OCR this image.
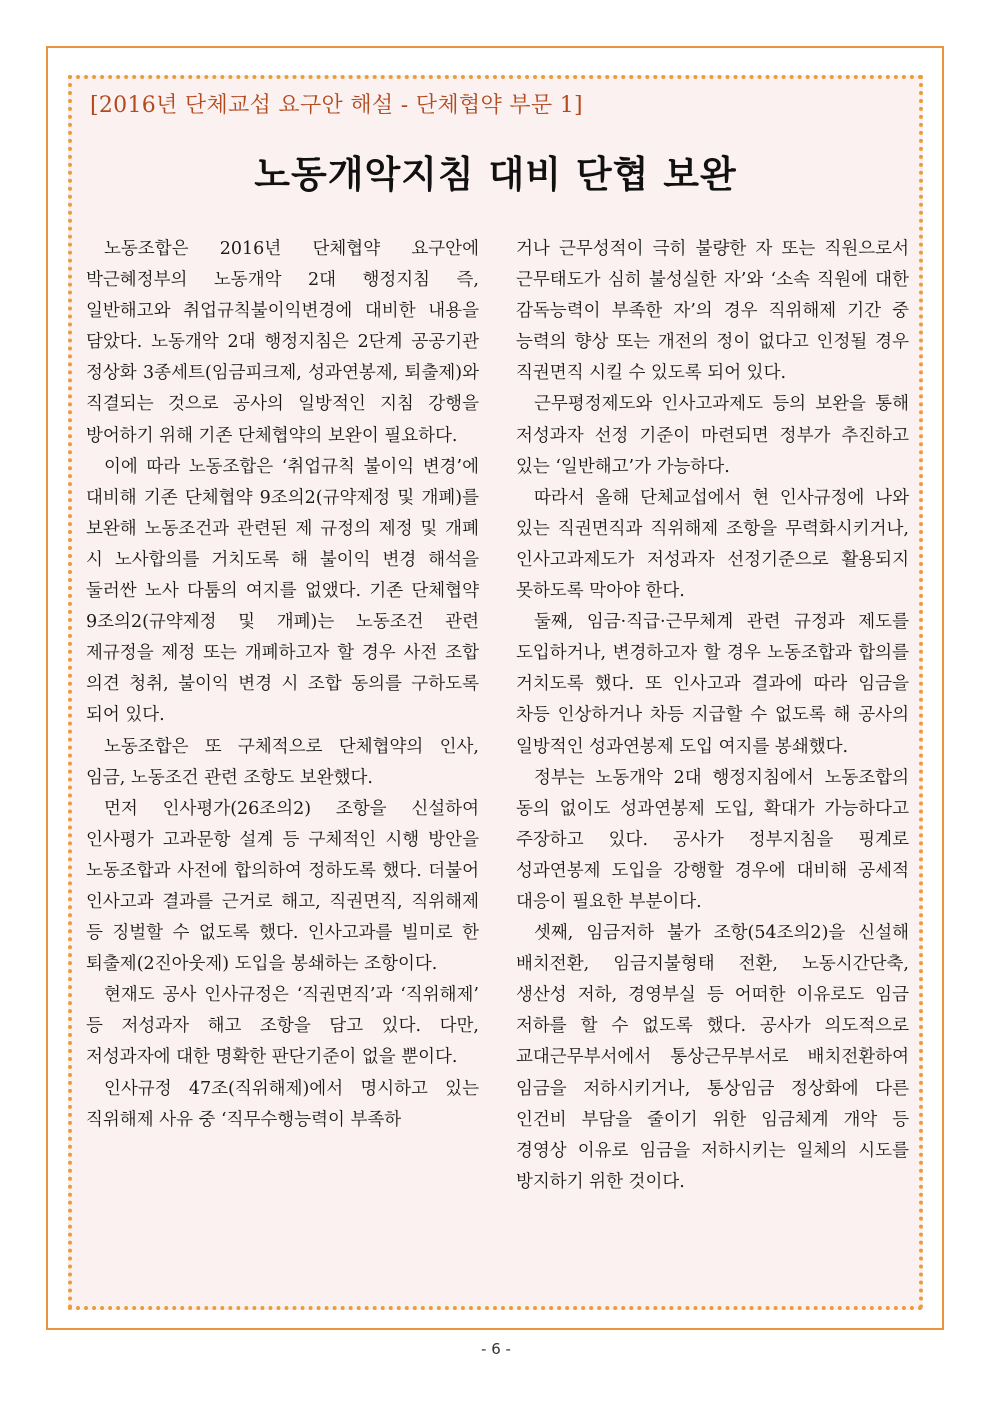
[2016년 단체교섭 요구안 해설 - 단체협약 부문 1]
노동개악지침 대비 단협 보완

노동조합은 2016년 단체협약 요구안에 박근혜정부의 노동개악 2대 행정지침 즉, 일반해고와 취업규칙불이익변경에 대비한 내용을 담았다. 노동개악 2대 행정지침은 2단계 공공기관 정상화 3종세트(임금피크제, 성과연봉제, 퇴출제)와 직결되는 것으로 공사의 일방적인 지침 강행을 방어하기 위해 기존 단체협약의 보완이 필요하다.

이에 따라 노동조합은 ‘취업규칙 불이익 변경’에 대비해 기존 단체협약 9조의2(규약제정 및 개폐)를 보완해 노동조건과 관련된 제 규정의 제정 및 개폐 시 노사합의를 거치도록 해 불이익 변경 해석을 둘러싼 노사 다툼의 여지를 없앴다. 기존 단체협약 9조의2(규약제정 및 개폐)는 노동조건 관련 제규정을 제정 또는 개폐하고자 할 경우 사전 조합 의견 청취, 불이익 변경 시 조합 동의를 구하도록 되어 있다.

노동조합은 또 구체적으로 단체협약의 인사, 임금, 노동조건 관련 조항도 보완했다.

먼저 인사평가(26조의2) 조항을 신설하여 인사평가 고과문항 설계 등 구체적인 시행 방안을 노동조합과 사전에 합의하여 정하도록 했다. 더불어 인사고과 결과를 근거로 해고, 직권면직, 직위해제 등 징벌할 수 없도록 했다. 인사고과를 빌미로 한 퇴출제(2진아웃제) 도입을 봉쇄하는 조항이다.

현재도 공사 인사규정은 ‘직권면직’과 ‘직위해제’ 등 저성과자 해고 조항을 담고 있다. 다만, 저성과자에 대한 명확한 판단기준이 없을 뿐이다.

인사규정 47조(직위해제)에서 명시하고 있는 직위해제 사유 중 ‘직무수행능력이 부족하

거나 근무성적이 극히 불량한 자 또는 직원으로서 근무태도가 심히 불성실한 자’와 ‘소속 직원에 대한 감독능력이 부족한 자’의 경우 직위해제 기간 중 능력의 향상 또는 개전의 정이 없다고 인정될 경우 직권면직 시킬 수 있도록 되어 있다.

근무평정제도와 인사고과제도 등의 보완을 통해 저성과자 선정 기준이 마련되면 정부가 추진하고 있는 ‘일반해고’가 가능하다.

따라서 올해 단체교섭에서 현 인사규정에 나와 있는 직권면직과 직위해제 조항을 무력화시키거나, 인사고과제도가 저성과자 선정기준으로 활용되지 못하도록 막아야 한다.

둘째, 임금·직급·근무체계 관련 규정과 제도를 도입하거나, 변경하고자 할 경우 노동조합과 합의를 거치도록 했다. 또 인사고과 결과에 따라 임금을 차등 인상하거나 차등 지급할 수 없도록 해 공사의 일방적인 성과연봉제 도입 여지를 봉쇄했다.

정부는 노동개악 2대 행정지침에서 노동조합의 동의 없이도 성과연봉제 도입, 확대가 가능하다고 주장하고 있다. 공사가 정부지침을 핑계로 성과연봉제 도입을 강행할 경우에 대비해 공세적 대응이 필요한 부분이다.

셋째, 임금저하 불가 조항(54조의2)을 신설해 배치전환, 임금지불형태 전환, 노동시간단축, 생산성 저하, 경영부실 등 어떠한 이유로도 임금 저하를 할 수 없도록 했다. 공사가 의도적으로 교대근무부서에서 통상근무부서로 배치전환하여 임금을 저하시키거나, 통상임금 정상화에 다른 인건비 부담을 줄이기 위한 임금체계 개악 등 경영상 이유로 임금을 저하시키는 일체의 시도를 방지하기 위한 것이다.

- 6 -
